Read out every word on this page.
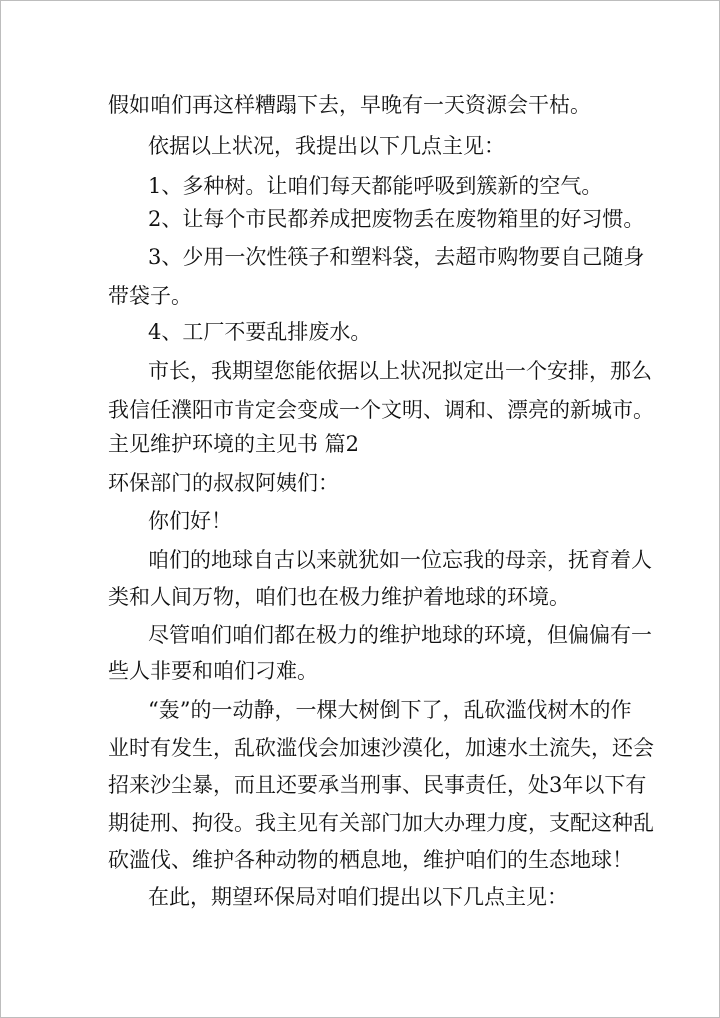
假如咱们再这样糟蹋下去，早晚有一天资源会干枯。

依据以上状况，我提出以下几点主见：

1、多种树。让咱们每天都能呼吸到簇新的空气。

2、让每个市民都养成把废物丢在废物箱里的好习惯。

3、少用一次性筷子和塑料袋，去超市购物要自己随身

带袋子。

4、工厂不要乱排废水。

市长，我期望您能依据以上状况拟定出一个安排，那么

我信任濮阳市肯定会变成一个文明、调和、漂亮的新城市。

主见维护环境的主见书 篇2

环保部门的叔叔阿姨们：

你们好！

咱们的地球自古以来就犹如一位忘我的母亲，抚育着人

类和人间万物，咱们也在极力维护着地球的环境。

尽管咱们咱们都在极力的维护地球的环境，但偏偏有一

些人非要和咱们刁难。

“轰”的一动静，一棵大树倒下了，乱砍滥伐树木的作

业时有发生，乱砍滥伐会加速沙漠化，加速水土流失，还会

招来沙尘暴，而且还要承当刑事、民事责任，处3年以下有

期徒刑、拘役。我主见有关部门加大办理力度，支配这种乱

砍滥伐、维护各种动物的栖息地，维护咱们的生态地球！

在此，期望环保局对咱们提出以下几点主见：
